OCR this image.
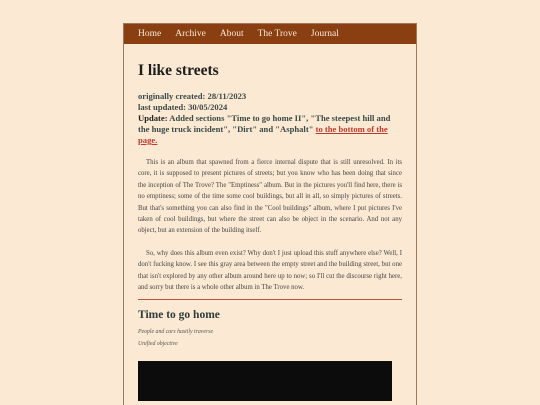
Home Archive About The Trove Journal
I like streets
originally created: 28/11/2023
last updated: 30/05/2024
Update: Added sections "Time to go home II", "The steepest hill and the huge truck incident", "Dirt" and "Asphalt" to the bottom of the page.

This is an album that spawned from a fierce internal dispute that is still unresolved. In its core, it is supposed to present pictures of streets; but you know who has been doing that since the inception of The Trove? The "Emptiness" album. But in the pictures you'll find here, there is no emptiness; some of the time some cool buildings, but all in all, so simply pictures of streets. But that's something you can also find in the "Cool buildings" album, where I put pictures I've taken of cool buildings, but where the street can also be object in the scenario. And not any object, but an extension of the building itself.

So, why does this album even exist? Why don't I just upload this stuff anywhere else? Well, I don't fucking know. I see this gray area between the empty street and the building street, but one that isn't explored by any other album around here up to now; so I'll cut the discourse right here, and sorry but there is a whole other album in The Trove now.

Time to go home
People and cars hastily traverse
Unified objective
